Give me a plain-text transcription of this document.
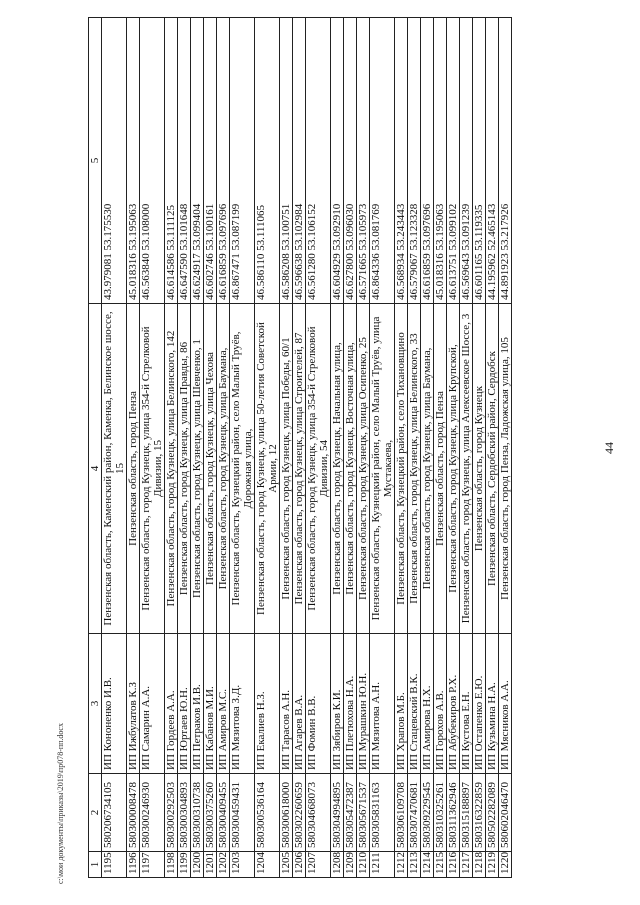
1	2	3	4	5
1195	580206734105	ИП Кононенко И.В.	Пензенская область, Каменский район, Каменка, Белинское шоссе, 15	43.979081 53.175530
1196	580300008478	ИП Ижбулатов К.З	Пензенская область, город Пенза	45.018316 53.195063
1197	580300246930	ИП Самарин А.А.	Пензенская область, город Кузнецк, улица 354-й Стрелковой Дивизии, 15	46.563840 53.108000
1198	580300292503	ИП Гордеев А.А.	Пензенская область, город Кузнецк, улица Белинского, 142	46.614586 53.111125
1199	580300304893	ИП Юртаев Ю.Н.	Пензенская область, город Кузнецк, улица Правды, 86	46.647590 53.101648
1200	580300310738	ИП Петраков И.В.	Пензенская область, город Кузнецк, улица Шевченко, 1	46.624917 53.099404
1201	580300375260	ИП Кабанов М.И.	Пензенская область, город Кузнецк, улица Чехова	46.602746 53.100161
1202	580300409455	ИП Амиров М.С.	Пензенская область, город Кузнецк, улица Баумана,	46.616859 53.097696
1203	580300459431	ИП Мязитова З.Д.	Пензенская область, Кузнецкий район, село Малый Труёв, Дорожная улица,	46.867471 53.087199
1204	580300536164	ИП Екалиев Н.З.	Пензенская область, город Кузнецк, улица 50-летия Советской Армии, 12	46.586110 53.111065
1205	580300618000	ИП Тарасов А.Н.	Пензенская область, город Кузнецк, улица Победы, 60/1	46.586208 53.100751
1206	580302260659	ИП Агарев В.А.	Пензенская область, город Кузнецк, улица Строителей, 87	46.596638 53.102984
1207	580304668073	ИП Фомин В.В.	Пензенская область, город Кузнецк, улица 354-й Стрелковой Дивизии, 54	46.561280 53.106152
1208	580304994895	ИП Зябиров К.И.	Пензенская область, город Кузнецк, Начальная улица,	46.604929 53.092910
1209	580305472387	ИП Плетюхова Н.А.	Пензенская область, город Кузнецк, Восточная улица,	46.627800 53.096030
1210	580305671537	ИП Мурашкин Ю.Н.	Пензенская область, город Кузнецк, улица Осипенко, 25	46.571665 53.105973
1211	580305831163	ИП Мязитова А.Н.	Пензенская область, Кузнецкий район, село Малый Труёв, улица Мустакаева,	46.864336 53.081769
1212	580306109708	ИП Храпов М.Б.	Пензенская область, Кузнецкий район, село Тихановщино	46.568934 53.243443
1213	580307470681	ИП Стацевский В.К.	Пензенская область, город Кузнецк, улица Белинского, 33	46.579067 53.123328
1214	580309229545	ИП Амирова Н.Х.	Пензенская область, город Кузнецк, улица Баумана,	46.616859 53.097696
1215	580310325261	ИП Горохов А.В.	Пензенская область, город Пенза	45.018316 53.195063
1216	580311362946	ИП Абубекиров Р.Х.	Пензенская область, город Кузнецк, улица Крупской,	46.613751 53.099102
1217	580315188897	ИП Кустова Е.Н.	Пензенская область, город Кузнецк, улица Алексеевское Шоссе, 3	46.569643 53.091239
1218	580316322859	ИП Остапенко Е.Ю.	Пензенская область, город Кузнецк	46.601165 53.119335
1219	580502282089	ИП Кузьмина Н.А.	Пензенская область, Сердобский район, Сердобск	44.195962 52.465143
1220	580602046470	ИП Мясников А.А.	Пензенская область, город Пенза, Ладожская улица, 105	44.891923 53.217926
44
c:\мои документы\приказы\2019\пр078-пп.docx
